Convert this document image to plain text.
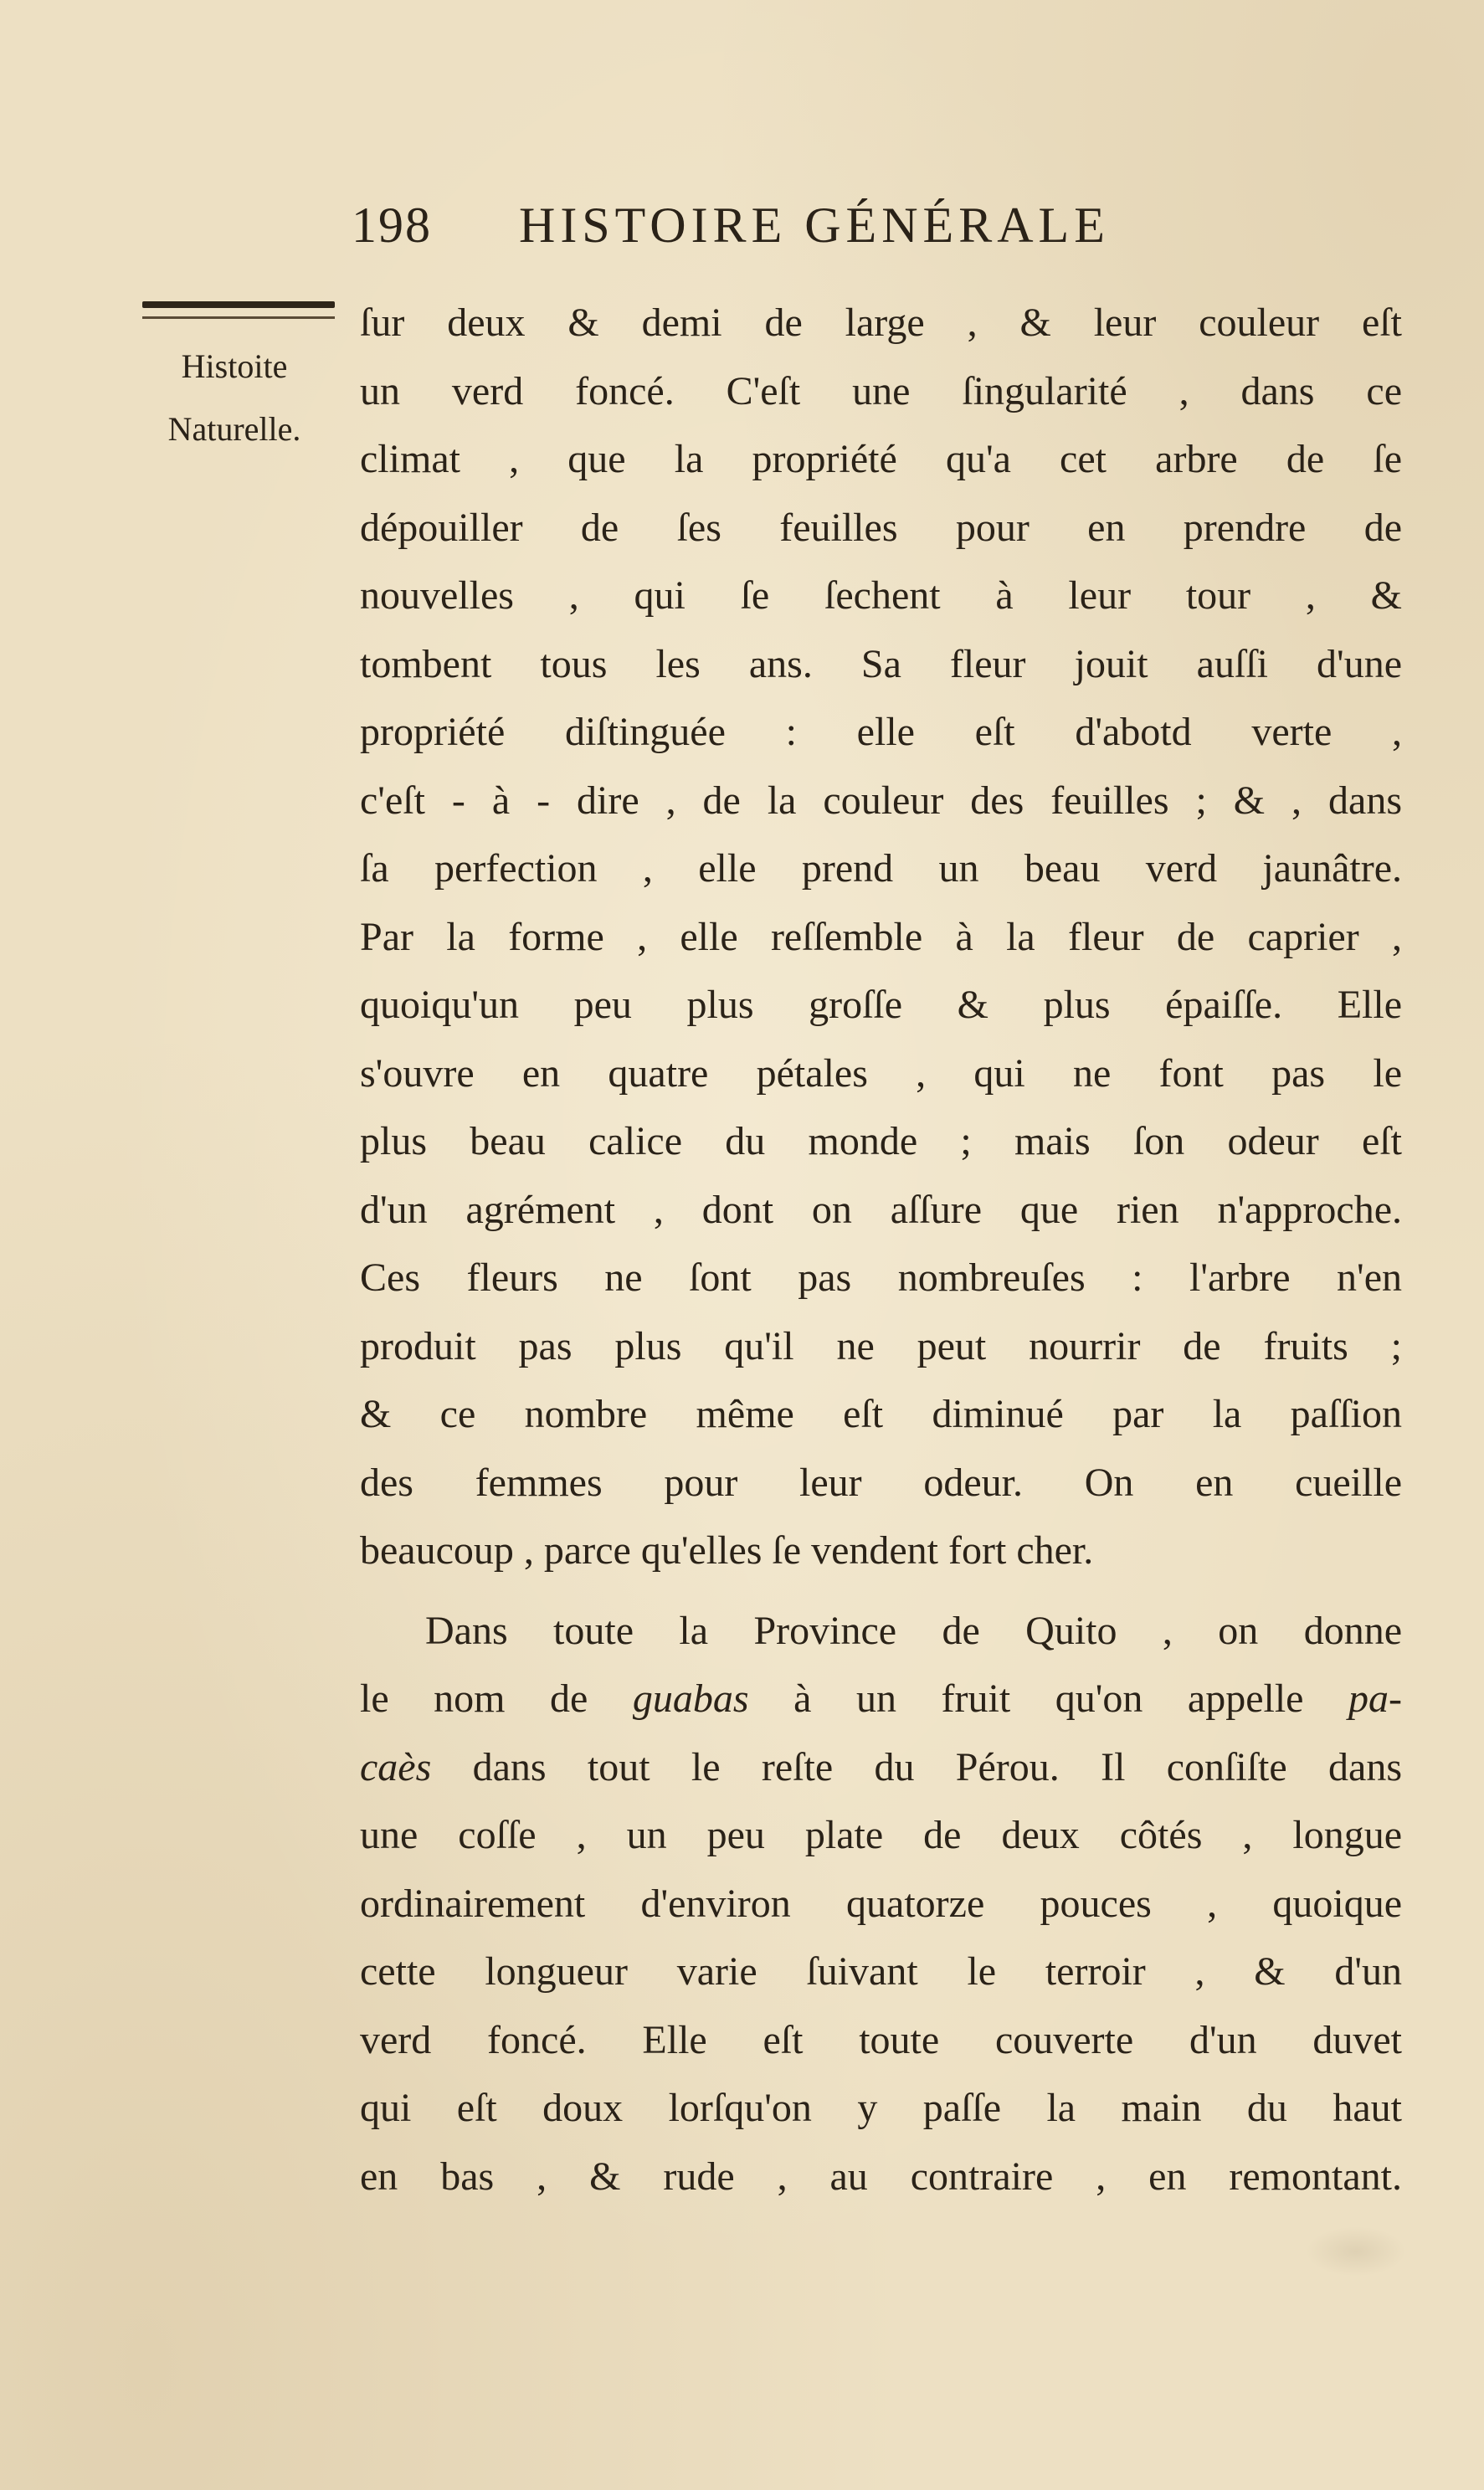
198 HISTOIRE GÉNÉRALE
Histoite
Naturelle.
ſur deux & demi de large , & leur couleur eſt
un verd foncé. C'eſt une ſingularité , dans ce
climat , que la propriété qu'a cet arbre de ſe
dépouiller de ſes feuilles pour en prendre de
nouvelles , qui ſe ſechent à leur tour , &
tombent tous les ans. Sa fleur jouit auſſi d'une
propriété diſtinguée : elle eſt d'abotd verte ,
c'eſt - à - dire , de la couleur des feuilles ; & , dans
ſa perfection , elle prend un beau verd jaunâtre.
Par la forme , elle reſſemble à la fleur de caprier ,
quoiqu'un peu plus groſſe & plus épaiſſe. Elle
s'ouvre en quatre pétales , qui ne font pas le
plus beau calice du monde ; mais ſon odeur eſt
d'un agrément , dont on aſſure que rien n'approche.
Ces fleurs ne ſont pas nombreuſes : l'arbre n'en
produit pas plus qu'il ne peut nourrir de fruits ;
& ce nombre même eſt diminué par la paſſion
des femmes pour leur odeur. On en cueille
beaucoup , parce qu'elles ſe vendent fort cher.
Dans toute la Province de Quito , on donne
le nom de guabas à un fruit qu'on appelle pa-
caès dans tout le reſte du Pérou. Il conſiſte dans
une coſſe , un peu plate de deux côtés , longue
ordinairement d'environ quatorze pouces , quoique
cette longueur varie ſuivant le terroir , & d'un
verd foncé. Elle eſt toute couverte d'un duvet
qui eſt doux lorſqu'on y paſſe la main du haut
en bas , & rude , au contraire , en remontant.
